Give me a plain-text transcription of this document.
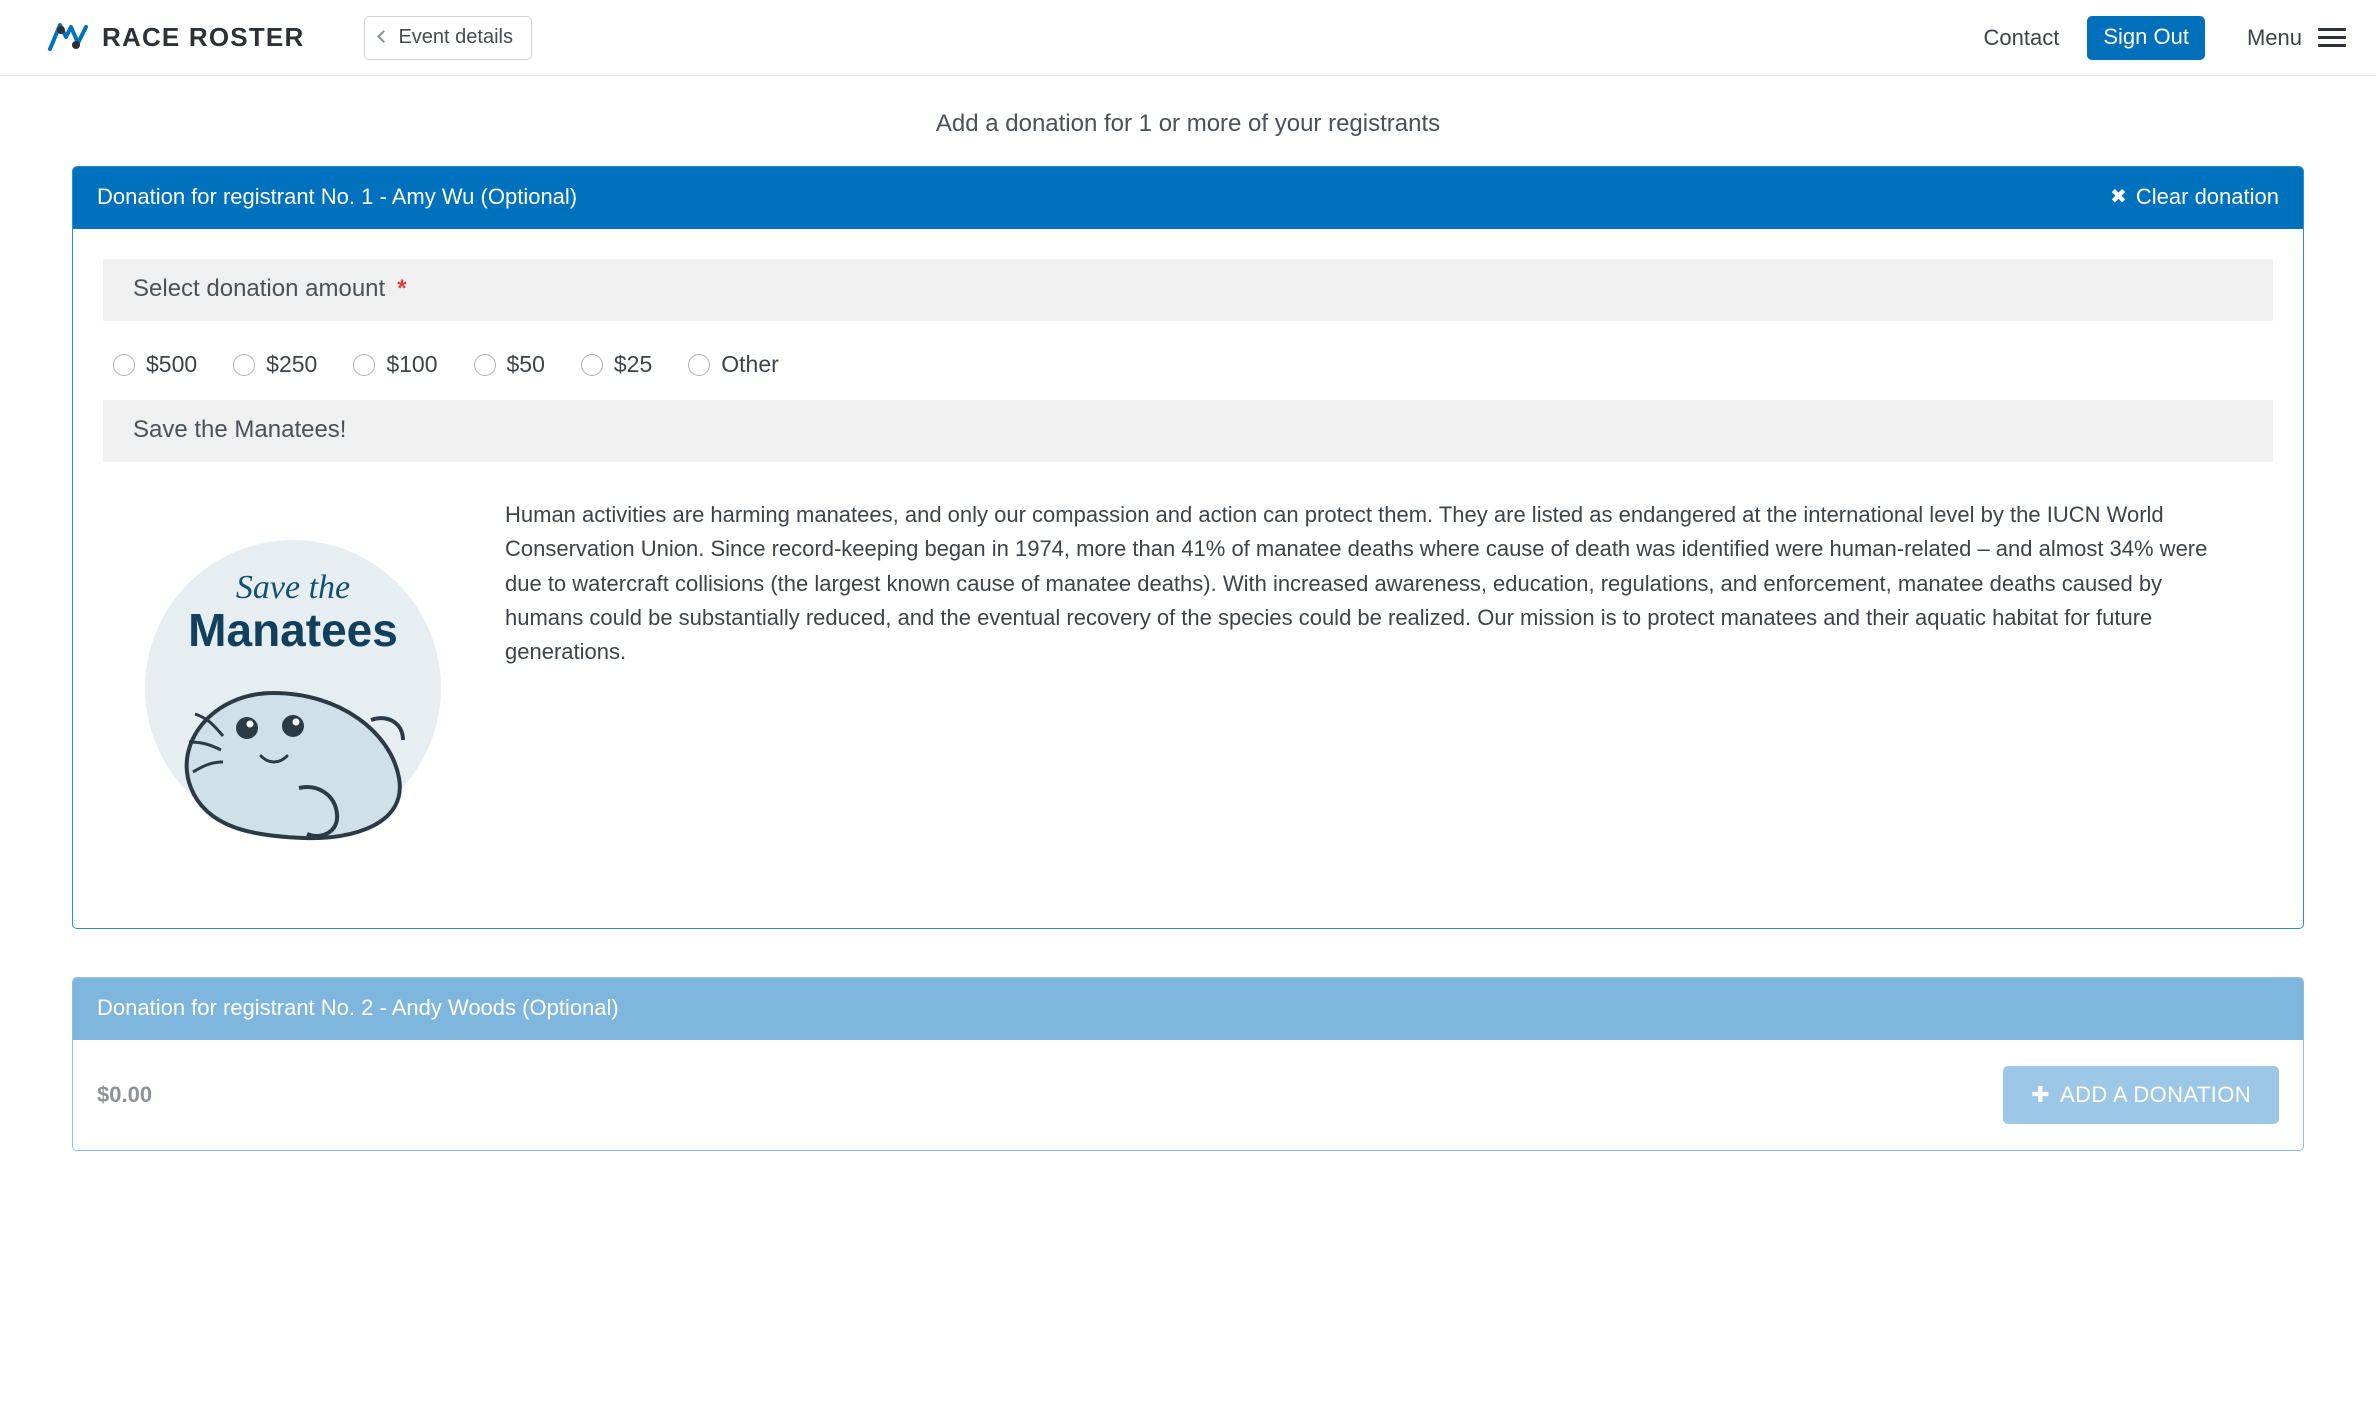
RACE ROSTER	Event details	Contact	Sign Out	Menu
Add a donation for 1 or more of your registrants
Donation for registrant No. 1 - Amy Wu (Optional)	✖ Clear donation
Select donation amount *
$500	$250	$100	$50	$25	Other
Save the Manatees!
Save the
Manatees
Human activities are harming manatees, and only our compassion and action can protect them. They are listed as endangered at the international level by the IUCN World Conservation Union. Since record-keeping began in 1974, more than 41% of manatee deaths where cause of death was identified were human-related – and almost 34% were due to watercraft collisions (the largest known cause of manatee deaths). With increased awareness, education, regulations, and enforcement, manatee deaths caused by humans could be substantially reduced, and the eventual recovery of the species could be realized. Our mission is to protect manatees and their aquatic habitat for future generations.
Donation for registrant No. 2 - Andy Woods (Optional)
$0.00	✚ ADD A DONATION
